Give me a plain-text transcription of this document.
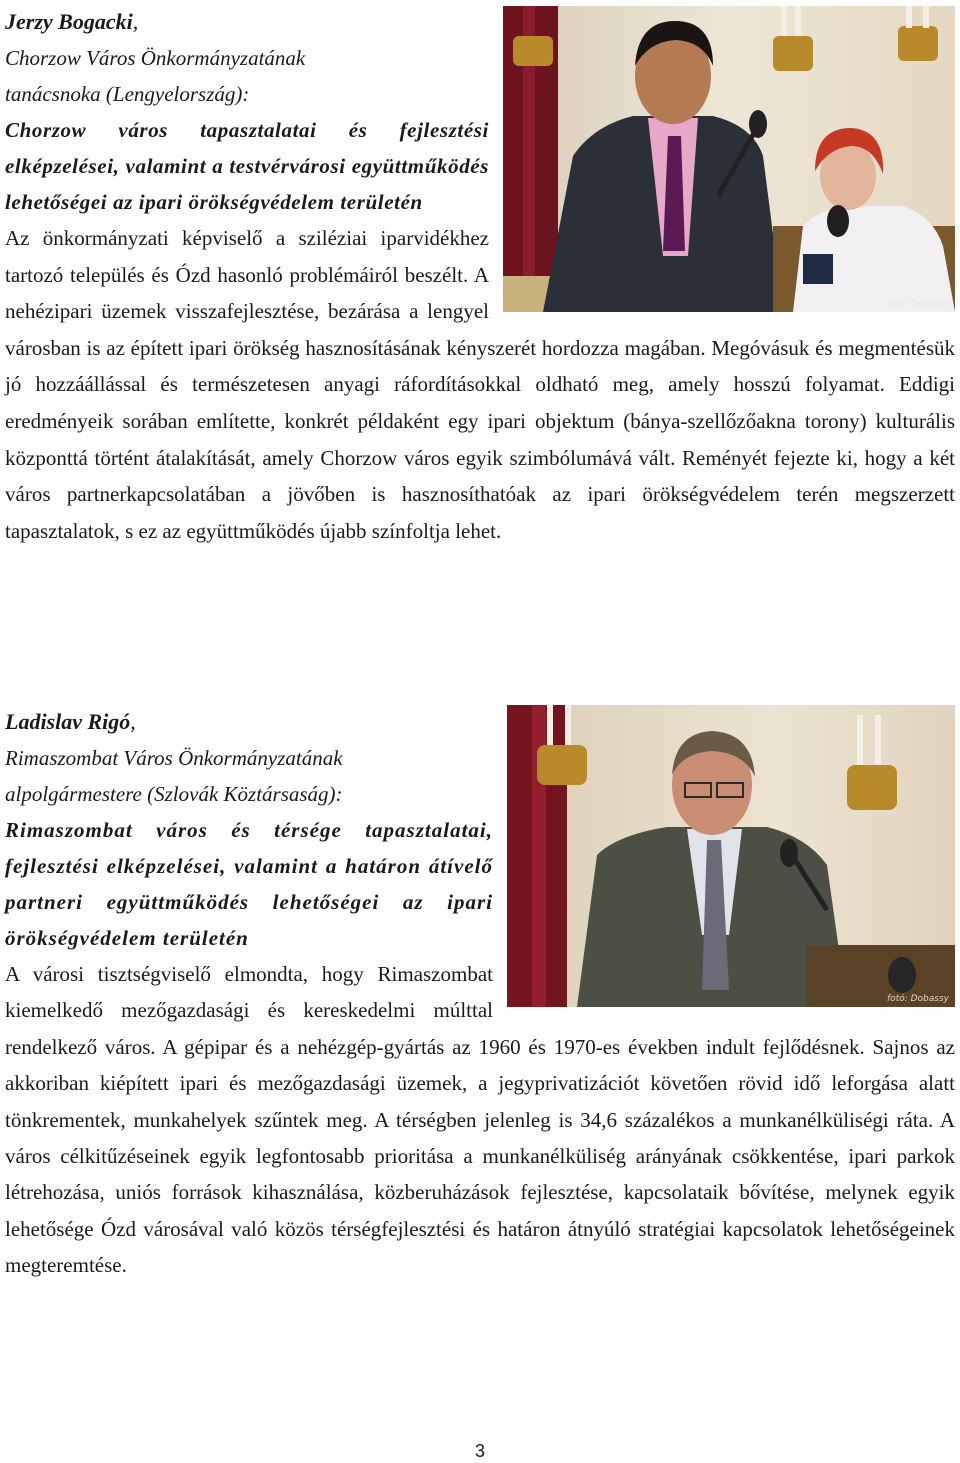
fotó: Dobassy

Jerzy Bogacki,

Chorzow Város Önkormányzatának

tanácsnoka (Lengyelország):

Chorzow város tapasztalatai és fejlesztési elképzelései, valamint a testvérvárosi együttműködés lehetőségei az ipari örökségvédelem területén

Az önkormányzati képviselő a sziléziai iparvidékhez tartozó település és Ózd hasonló problémáiról beszélt. A nehézipari üzemek visszafejlesztése, bezárása a lengyel városban is az épített ipari örökség hasznosításának kényszerét hordozza magában. Megóvásuk és megmentésük jó hozzáállással és természetesen anyagi ráfordításokkal oldható meg, amely hosszú folyamat. Eddigi eredményeik sorában említette, konkrét példaként egy ipari objektum (bánya-szellőzőakna torony) kulturális központtá történt átalakítását, amely Chorzow város egyik szimbólumává vált. Reményét fejezte ki, hogy a két város partnerkapcsolatában a jövőben is hasznosíthatóak az ipari örökségvédelem terén megszerzett tapasztalatok, s ez az együttműködés újabb színfoltja lehet.

fotó: Dobassy

Ladislav Rigó,

Rimaszombat Város Önkormányzatának

alpolgármestere (Szlovák Köztársaság):

Rimaszombat város és térsége tapasztalatai, fejlesztési elképzelései, valamint a határon átívelő partneri együttműködés lehetőségei az ipari örökségvédelem területén

A városi tisztségviselő elmondta, hogy Rimaszombat kiemelkedő mezőgazdasági és kereskedelmi múlttal rendelkező város. A gépipar és a nehézgép-gyártás az 1960 és 1970-es években indult fejlődésnek. Sajnos az akkoriban kiépített ipari és mezőgazdasági üzemek, a jegyprivatizációt követően rövid idő leforgása alatt tönkrementek, munkahelyek szűntek meg. A térségben jelenleg is 34,6 százalékos a munkanélküliségi ráta. A város célkitűzéseinek egyik legfontosabb prioritása a munkanélküliség arányának csökkentése, ipari parkok létrehozása, uniós források kihasználása, közberuházások fejlesztése, kapcsolataik bővítése, melynek egyik lehetősége Ózd városával való közös térségfejlesztési és határon átnyúló stratégiai kapcsolatok lehetőségeinek megteremtése.

3
